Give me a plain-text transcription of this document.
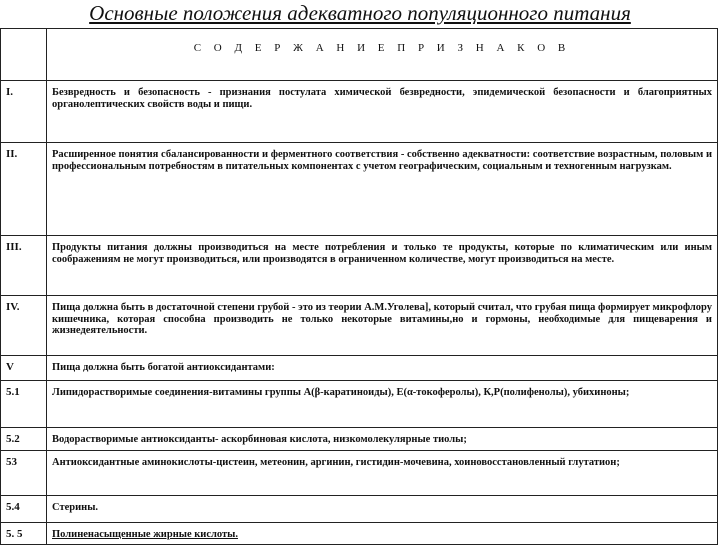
Основные положения адекватного популяционного питания
	С О Д Е Р Ж А Н И Е П Р И З Н А К О В
I.	Безвредность и безопасность - признания постулата химической безвредности, эпидемической безопасности и благоприятных органолептических свойств воды и пищи.
II.	Расширенное понятия сбалансированности и ферментного соответствия - собственно адекватности: соответствие возрастным, половым и профессиональным потребностям в питательных компонентах с учетом географическим, социальным и техногенным нагрузкам.
III.	Продукты питания должны производиться на месте потребления и только те продукты, которые по климатическим или иным соображениям не могут производиться, или производятся в ограниченном количестве, могут производиться на месте.
IV.	Пища должна быть в достаточной степени грубой - это из теории А.М.Уголева], который считал, что грубая пища формирует микрофлору кишечника, которая способна производить не только некоторые витамины,но и гормоны, необходимые для пищеварения и жизнедеятельности.
V	Пища должна быть богатой антиоксидантами:
5.1	Липидорастворимые соединения-витамины группы А(β-каратиноиды), Е(α-токоферолы), К,Р(полифенолы), убихиноны;
5.2	Водорастворимые антиоксиданты- аскорбиновая кислота, низкомолекулярные тиолы;
53	Антиоксидантные аминокислоты-цистеин, метеонин, аргинин, гистидин-мочевина, хоиновосстановленный глутатион;
5.4	Стерины.
5. 5	Полиненасыщенные жирные кислоты.
